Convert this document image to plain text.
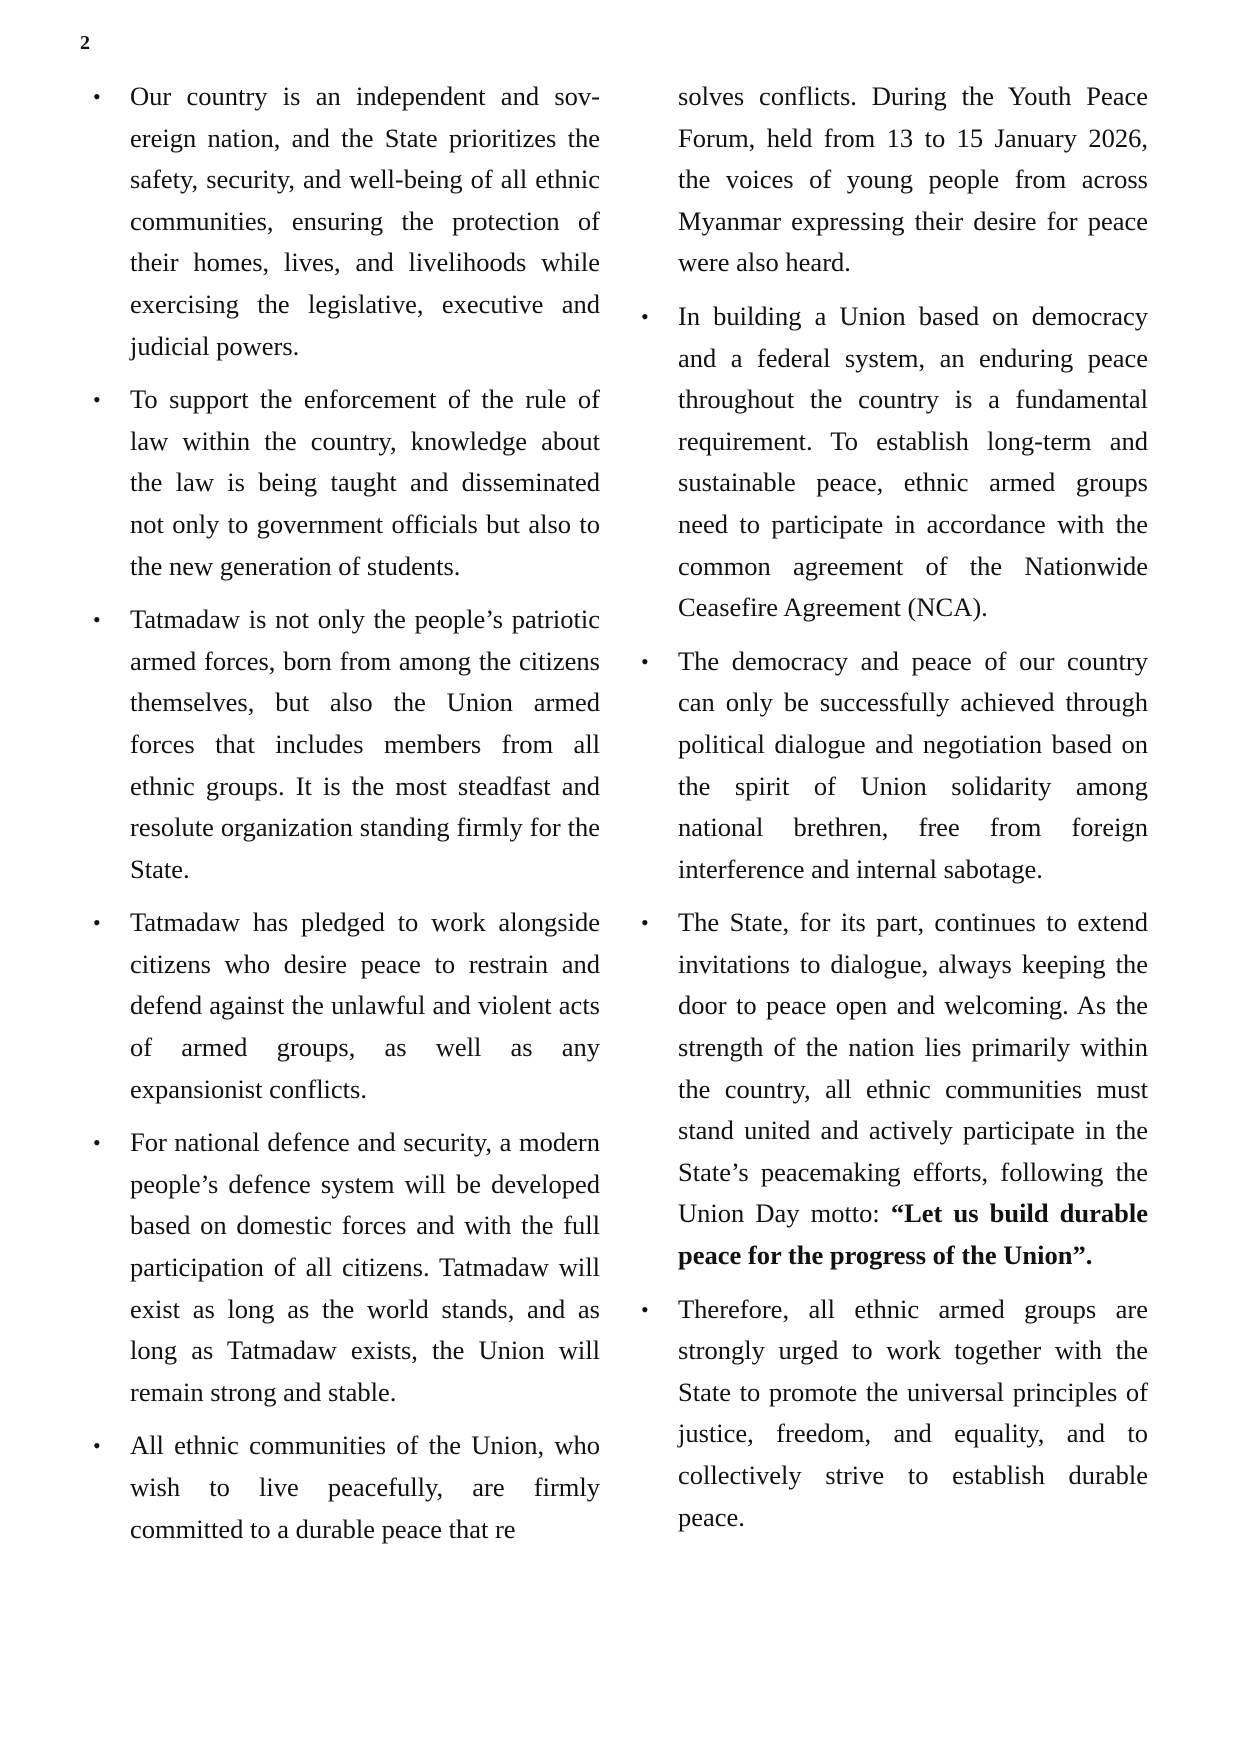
2
• Our country is an independent and sovereign nation, and the State prioritizes the safety, security, and well-being of all ethnic communities, ensuring the protection of their homes, lives, and livelihoods while exercising the legislative, executive and judicial powers.
• To support the enforcement of the rule of law within the country, knowledge about the law is being taught and disseminated not only to government officials but also to the new generation of students.
• Tatmadaw is not only the people’s patriotic armed forces, born from among the citizens themselves, but also the Union armed forces that includes members from all ethnic groups. It is the most steadfast and resolute organization standing firmly for the State.
• Tatmadaw has pledged to work alongside citizens who desire peace to restrain and defend against the unlawful and violent acts of armed groups, as well as any expansionist conflicts.
• For national defence and security, a modern people’s defence system will be developed based on domestic forces and with the full participation of all citizens. Tatmadaw will exist as long as the world stands, and as long as Tatmadaw exists, the Union will remain strong and stable.
• All ethnic communities of the Union, who wish to live peacefully, are firmly committed to a durable peace that re
solves conflicts. During the Youth Peace Forum, held from 13 to 15 January 2026, the voices of young people from across Myanmar expressing their desire for peace were also heard.
• In building a Union based on democracy and a federal system, an enduring peace throughout the country is a fundamental requirement. To establish long-term and sustainable peace, ethnic armed groups need to participate in accordance with the common agreement of the Nationwide Ceasefire Agreement (NCA).
• The democracy and peace of our country can only be successfully achieved through political dialogue and negotiation based on the spirit of Union solidarity among national brethren, free from foreign interference and internal sabotage.
• The State, for its part, continues to extend invitations to dialogue, always keeping the door to peace open and welcoming. As the strength of the nation lies primarily within the country, all ethnic communities must stand united and actively participate in the State’s peacemaking efforts, following the Union Day motto: “Let us build durable peace for the progress of the Union”.
• Therefore, all ethnic armed groups are strongly urged to work together with the State to promote the universal principles of justice, freedom, and equality, and to collectively strive to establish durable peace.
